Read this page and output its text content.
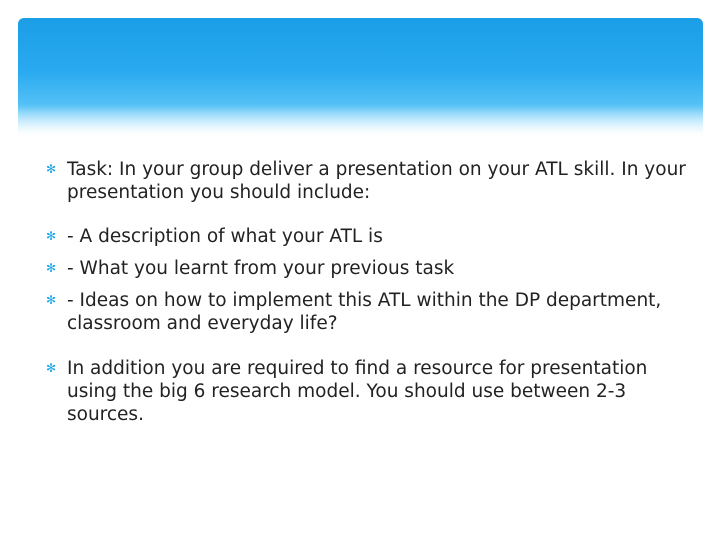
✻ Task: In your group deliver a presentation on your ATL skill. In your presentation you should include:
✻ - A description of what your ATL is
✻ - What you learnt from your previous task
✻ - Ideas on how to implement this ATL within the DP department, classroom and everyday life?
✻ In addition you are required to find a resource for presentation using the big 6 research model. You should use between 2-3 sources.
